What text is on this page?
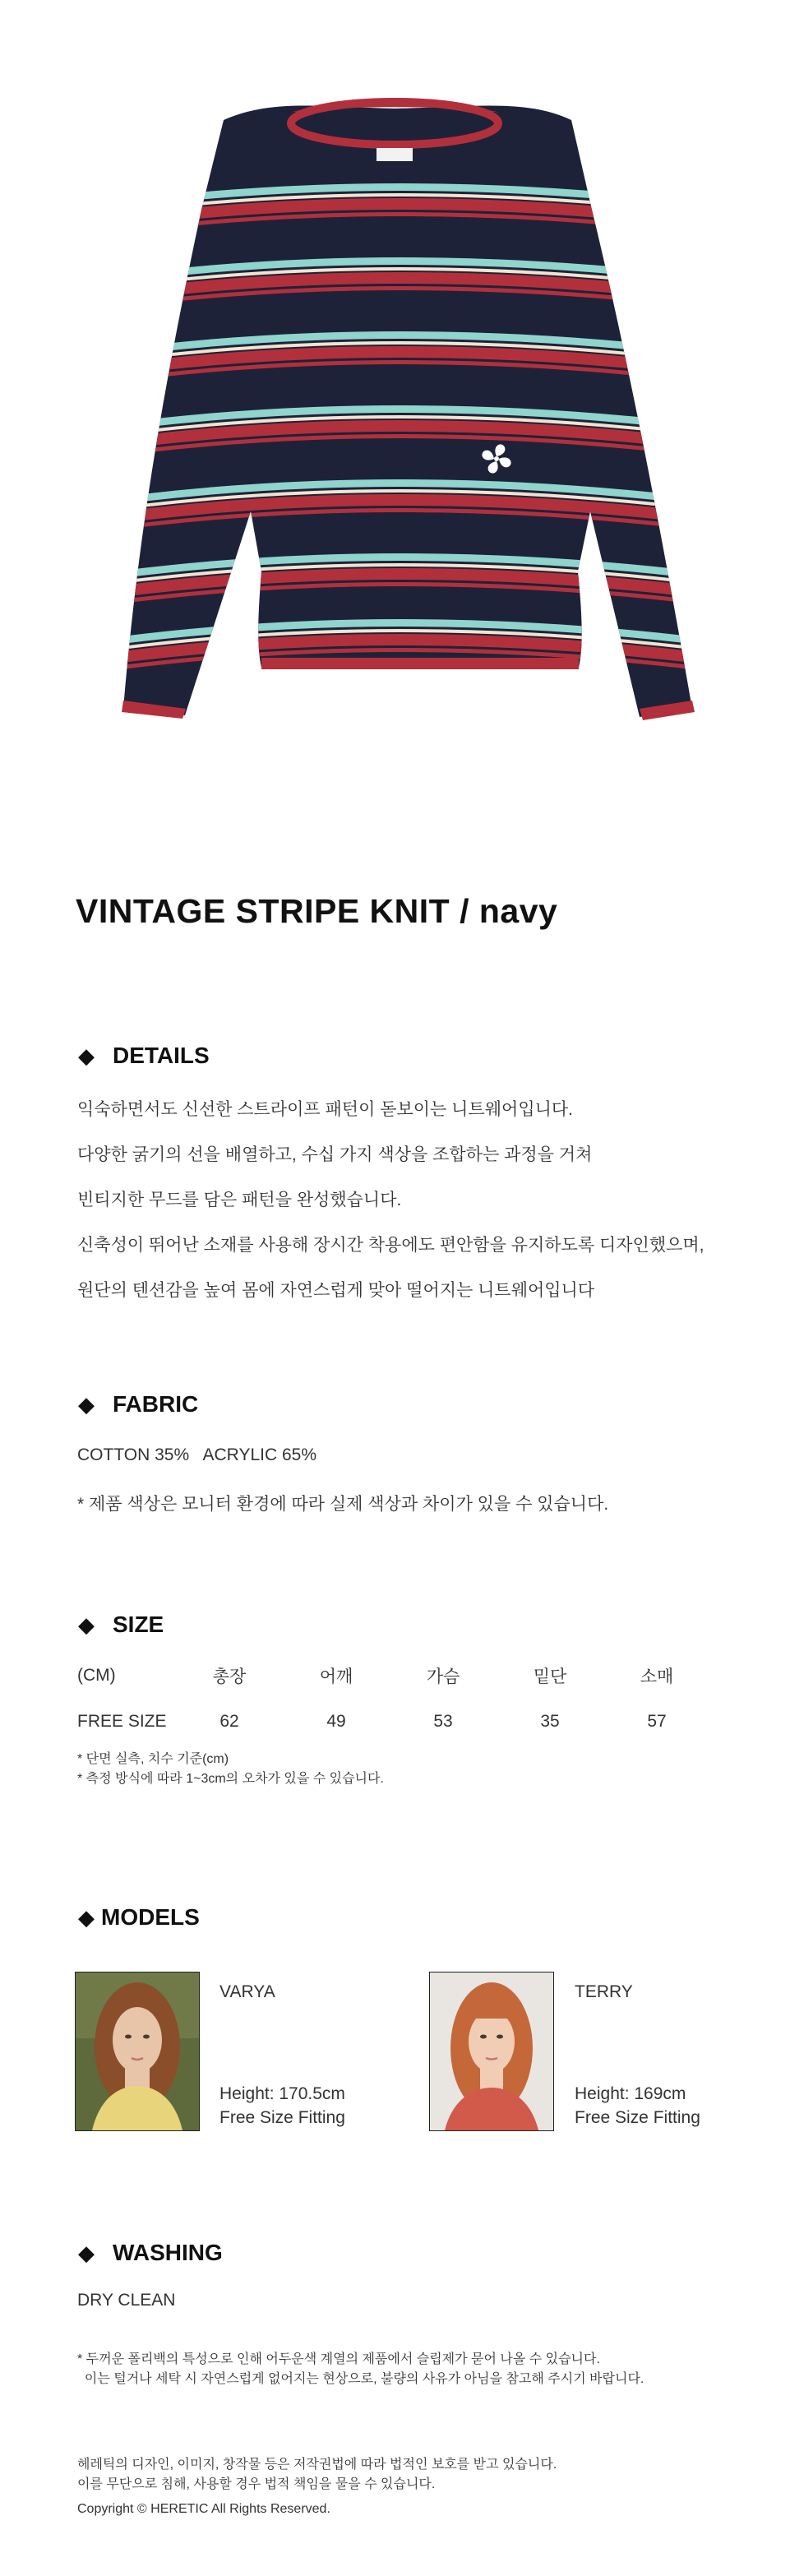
VINTAGE STRIPE KNIT / navy
◆ DETAILS
익숙하면서도 신선한 스트라이프 패턴이 돋보이는 니트웨어입니다.
다양한 굵기의 선을 배열하고, 수십 가지 색상을 조합하는 과정을 거쳐
빈티지한 무드를 담은 패턴을 완성했습니다.
신축성이 뛰어난 소재를 사용해 장시간 착용에도 편안함을 유지하도록 디자인했으며,
원단의 텐션감을 높여 몸에 자연스럽게 맞아 떨어지는 니트웨어입니다
◆ FABRIC
COTTON 35%   ACRYLIC 65%
* 제품 색상은 모니터 환경에 따라 실제 색상과 차이가 있을 수 있습니다.
◆ SIZE
(CM)	총장	어깨	가슴	밑단	소매
FREE SIZE	62	49	53	35	57
* 단면 실측, 치수 기준(cm)
* 측정 방식에 따라 1~3cm의 오차가 있을 수 있습니다.
◆ MODELS
VARYA
Height: 170.5cm
Free Size Fitting
TERRY
Height: 169cm
Free Size Fitting
◆ WASHING
DRY CLEAN
* 두꺼운 폴리백의 특성으로 인해 어두운색 계열의 제품에서 슬립제가 묻어 나올 수 있습니다.
이는 털거나 세탁 시 자연스럽게 없어지는 현상으로, 불량의 사유가 아님을 참고해 주시기 바랍니다.
헤레틱의 디자인, 이미지, 창작물 등은 저작권법에 따라 법적인 보호를 받고 있습니다.
이를 무단으로 침해, 사용할 경우 법적 책임을 물을 수 있습니다.
Copyright © HERETIC All Rights Reserved.
